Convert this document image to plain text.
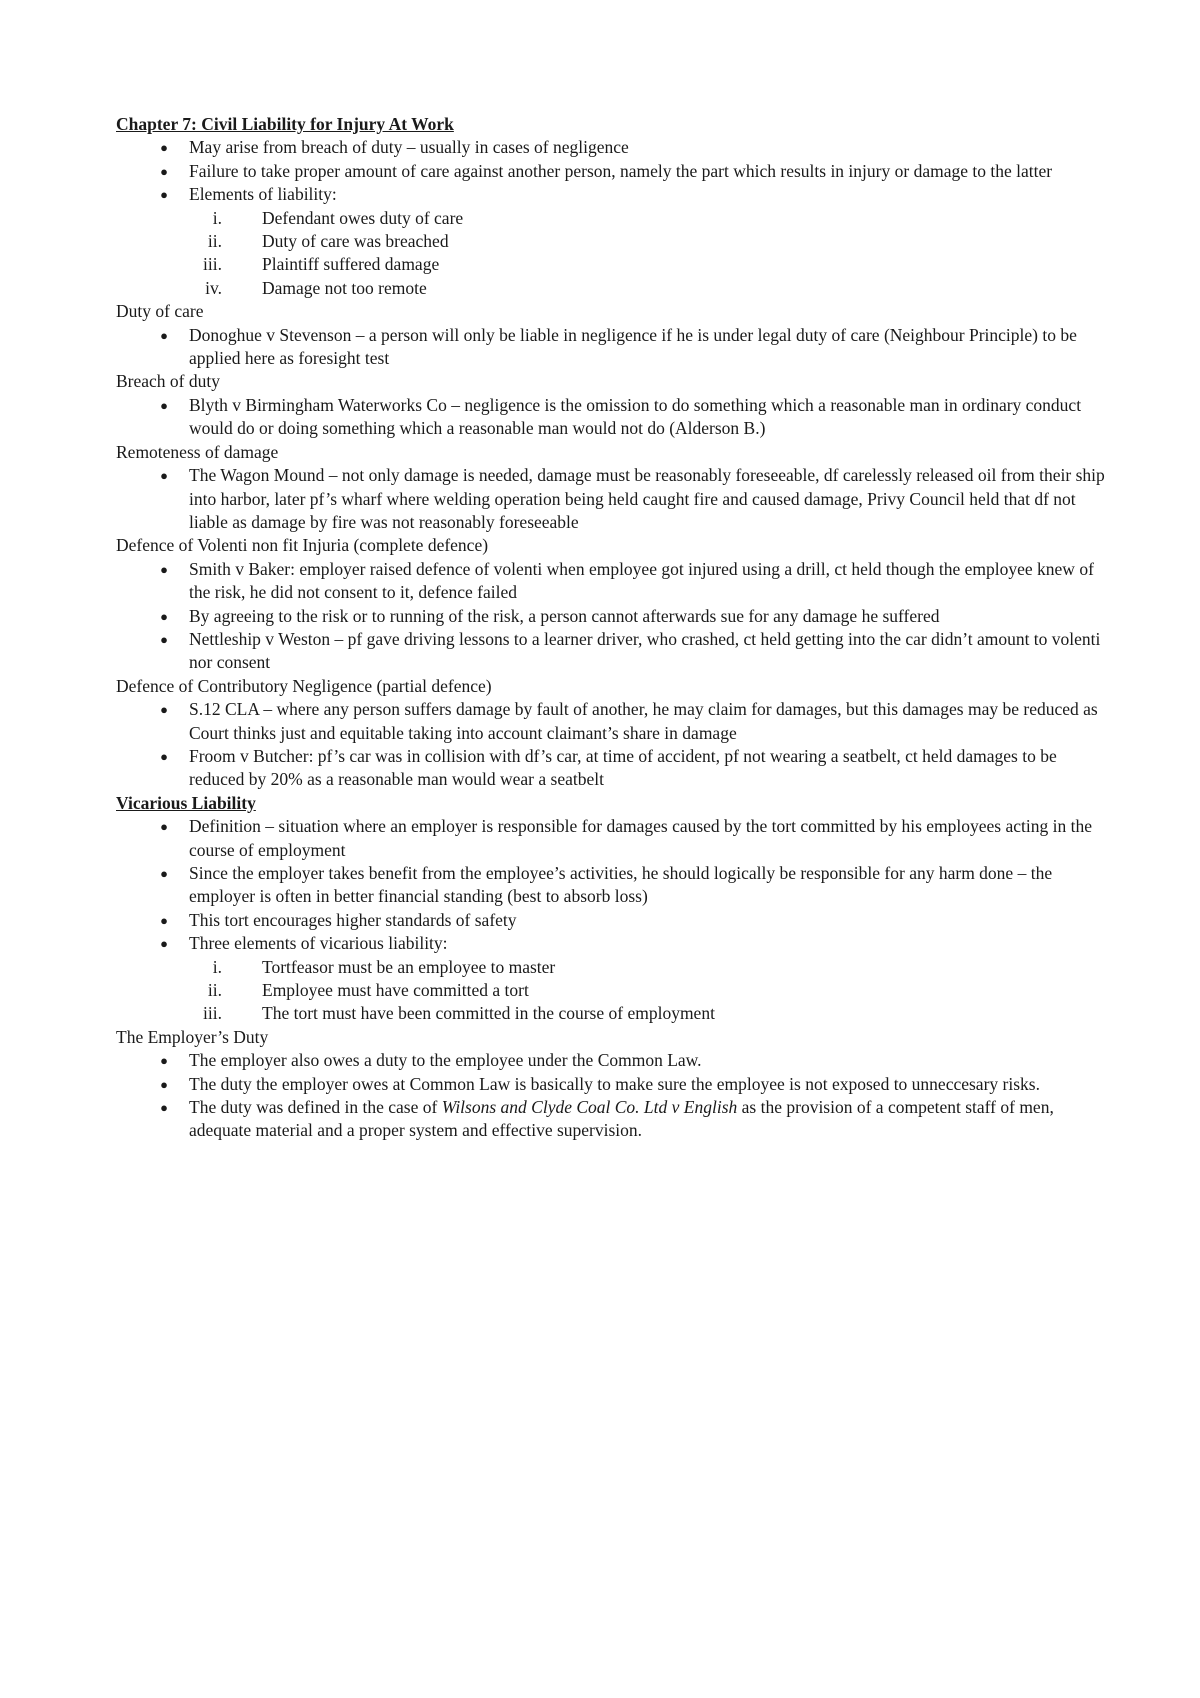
Chapter 7: Civil Liability for Injury At Work
●	May arise from breach of duty – usually in cases of negligence
●	Failure to take proper amount of care against another person, namely the part which results in injury or damage to the latter
●	Elements of liability:
i. Defendant owes duty of care
ii. Duty of care was breached
iii. Plaintiff suffered damage
iv. Damage not too remote
Duty of care
●	Donoghue v Stevenson – a person will only be liable in negligence if he is under legal duty of care (Neighbour Principle) to be applied here as foresight test
Breach of duty
●	Blyth v Birmingham Waterworks Co – negligence is the omission to do something which a reasonable man in ordinary conduct would do or doing something which a reasonable man would not do (Alderson B.)
Remoteness of damage
●	The Wagon Mound – not only damage is needed, damage must be reasonably foreseeable, df carelessly released oil from their ship into harbor, later pf’s wharf where welding operation being held caught fire and caused damage, Privy Council held that df not liable as damage by fire was not reasonably foreseeable
Defence of Volenti non fit Injuria (complete defence)
●	Smith v Baker: employer raised defence of volenti when employee got injured using a drill, ct held though the employee knew of the risk, he did not consent to it, defence failed
●	By agreeing to the risk or to running of the risk, a person cannot afterwards sue for any damage he suffered
●	Nettleship v Weston – pf gave driving lessons to a learner driver, who crashed, ct held getting into the car didn’t amount to volenti nor consent
Defence of Contributory Negligence (partial defence)
●	S.12 CLA – where any person suffers damage by fault of another, he may claim for damages, but this damages may be reduced as Court thinks just and equitable taking into account claimant’s share in damage
●	Froom v Butcher: pf’s car was in collision with df’s car, at time of accident, pf not wearing a seatbelt, ct held damages to be reduced by 20% as a reasonable man would wear a seatbelt
Vicarious Liability
●	Definition – situation where an employer is responsible for damages caused by the tort committed by his employees acting in the course of employment
●	Since the employer takes benefit from the employee’s activities, he should logically be responsible for any harm done – the employer is often in better financial standing (best to absorb loss)
●	This tort encourages higher standards of safety
●	Three elements of vicarious liability:
i. Tortfeasor must be an employee to master
ii. Employee must have committed a tort
iii. The tort must have been committed in the course of employment
The Employer’s Duty
●	The employer also owes a duty to the employee under the Common Law.
●	The duty the employer owes at Common Law is basically to make sure the employee is not exposed to unneccesary risks.
●	The duty was defined in the case of Wilsons and Clyde Coal Co. Ltd v English as the provision of a competent staff of men, adequate material and a proper system and effective supervision.
